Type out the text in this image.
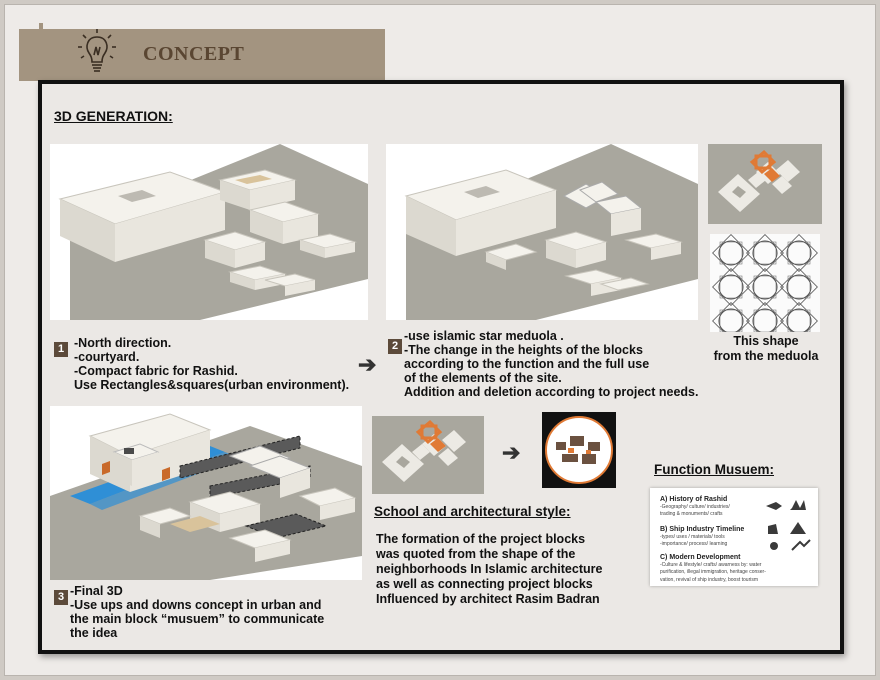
CONCEPT
3D GENERATION:
This shape
from the meduola
1 -North direction.
-courtyard.
-Compact fabric for Rashid.
Use Rectangles&squares(urban environment).
➔
2
-use islamic star meduola .
-The change in the heights of the blocks
according to the function and the full use
of the elements of the site.
Addition and deletion according to project needs.
3 -Final 3D
-Use ups and downs concept in urban and
the main block “musuem” to communicate
the idea
➔
School and architectural style:
The formation of the project blocks
was quoted from the shape of the
neighborhoods In Islamic architecture
as well as connecting project blocks
Influenced by architect Rasim Badran
Function Musuem:
A) History of Rashid
-Geography/ culture/ industries/
trading & monuments/ crafts
B) Ship Industry Timeline
-types/ uses / materials/ tools
-importance/ process/ learning
C) Modern Development
-Culture & lifestyle/ crafts/ awarness by: water
purification, illegal immigration, heritage conser-
vation, revival of ship industry, boost tourism
